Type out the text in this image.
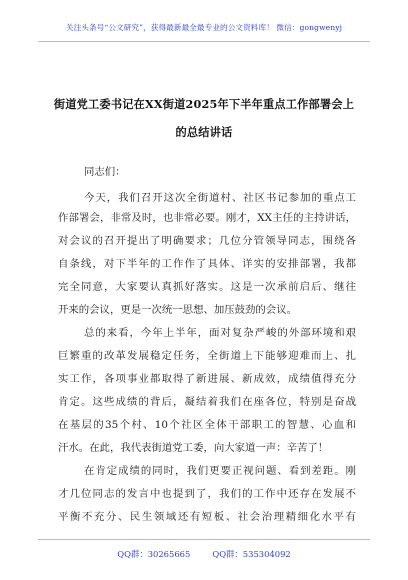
关注头条号“公文研究”，获得最新最全最专业的公文资料库！ 微信：gongwenyj
街道党工委书记在XX街道2025年下半年重点工作部署会上
的总结讲话
同志们：
今天，我们召开这次全街道村、社区书记参加的重点工
作部署会，非常及时，也非常必要。刚才，XX主任的主持讲话，
对会议的召开提出了明确要求；几位分管领导同志，围绕各
自条线，对下半年的工作作了具体、详实的安排部署，我都
完全同意，大家要认真抓好落实。这是一次承前启后、继往
开来的会议，更是一次统一思想、加压鼓劲的会议。
总的来看，今年上半年，面对复杂严峻的外部环境和艰
巨繁重的改革发展稳定任务，全街道上下能够迎难而上、扎
实工作，各项事业都取得了新进展、新成效，成绩值得充分
肯定。这些成绩的背后，凝结着我们在座各位，特别是奋战
在基层的35个村、10个社区全体干部职工的智慧、心血和
汗水。在此，我代表街道党工委，向大家道一声：辛苦了！
在肯定成绩的同时，我们更要正视问题、看到差距。刚
才几位同志的发言中也提到了，我们的工作中还存在发展不
平衡不充分、民生领域还有短板、社会治理精细化水平有
QQ群：30265665	QQ群：535304092
